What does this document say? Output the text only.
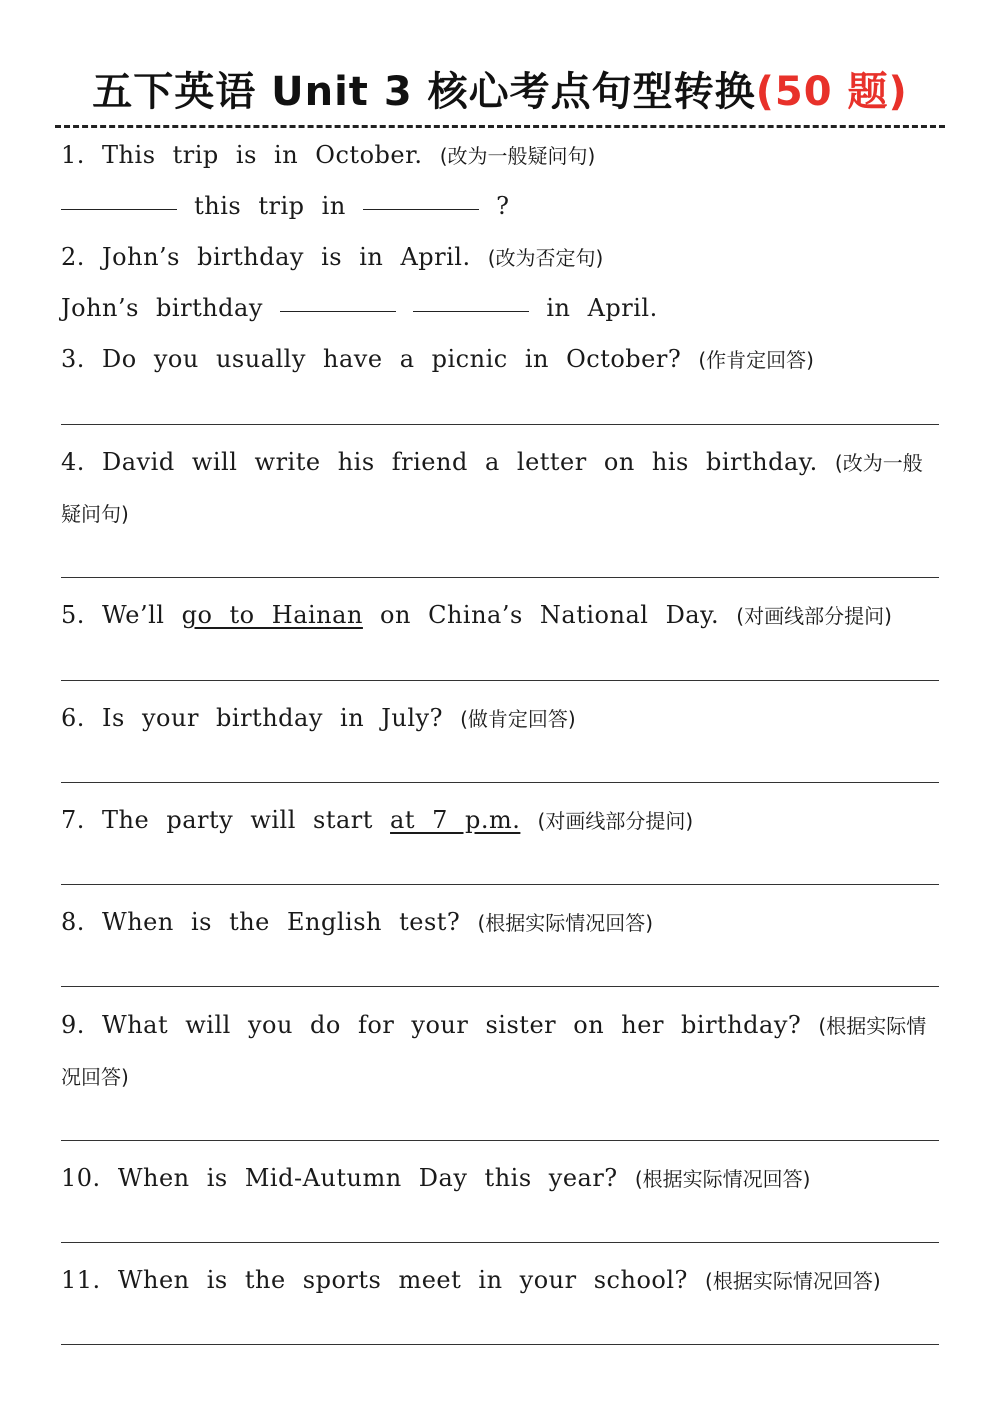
五下英语 Unit 3 核心考点句型转换(50 题)
1. This trip is in October. (改为一般疑问句)
this trip in	?
2. John’s birthday is in April. (改为否定句)
John’s birthday	in April.
3. Do you usually have a picnic in October? (作肯定回答)
4. David will write his friend a letter on his birthday. (改为一般
疑问句)
5. We’ll go to Hainan on China’s National Day. (对画线部分提问)
6. Is your birthday in July? (做肯定回答)
7. The party will start at 7 p.m. (对画线部分提问)
8. When is the English test? (根据实际情况回答)
9. What will you do for your sister on her birthday? (根据实际情
况回答)
10. When is Mid-Autumn Day this year? (根据实际情况回答)
11. When is the sports meet in your school? (根据实际情况回答)
